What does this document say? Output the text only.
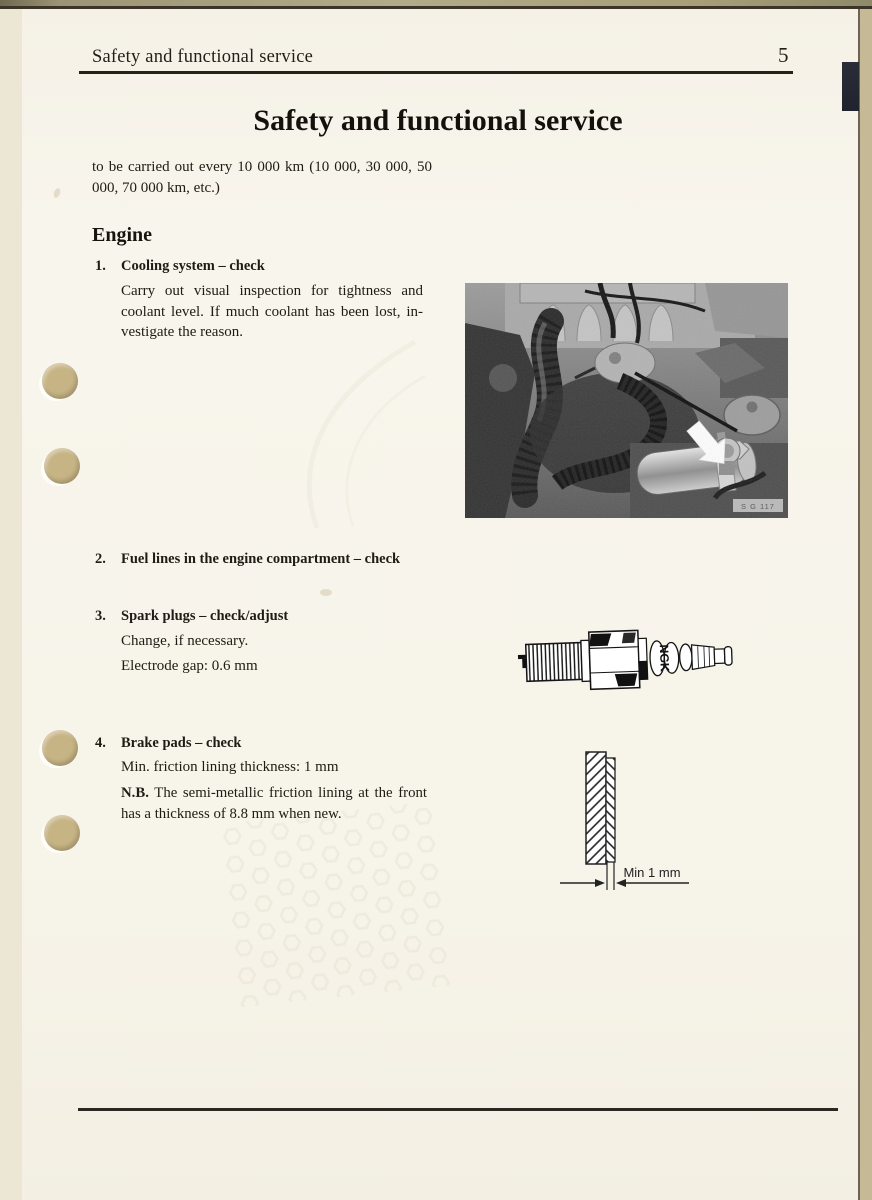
Safety and functional service	5
Safety and functional service
to be carried out every 10 000 km (10 000, 30 000, 50
000, 70 000 km, etc.)
Engine
1. Cooling system – check
Carry out visual inspection for tightness and
coolant level. If much coolant has been lost, in-
vestigate the reason.
S G 117
2. Fuel lines in the engine compartment – check
3. Spark plugs – check/adjust
Change, if necessary.
Electrode gap: 0.6 mm	NGK
4. Brake pads – check
Min. friction lining thickness: 1 mm
N.B. The semi-metallic friction lining at the front
has a thickness of 8.8 mm when new.
Min 1 mm
